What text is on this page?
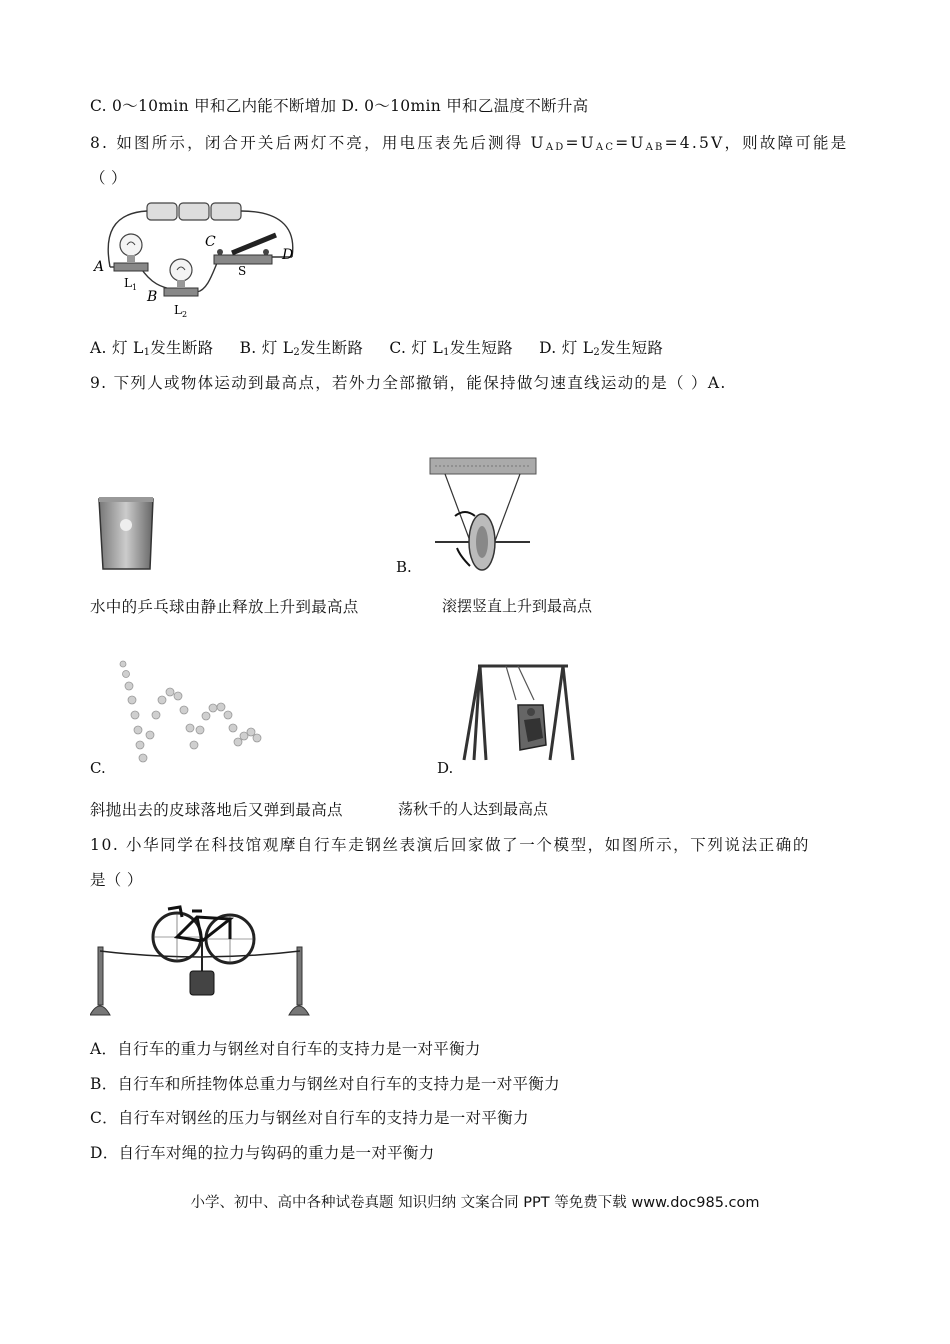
C. 0～10min 甲和乙内能不断增加 D. 0～10min 甲和乙温度不断升高
8. 如图所示，闭合开关后两灯不亮，用电压表先后测得 $U_{AD}=U_{AC}=U_{AB}=4.5V$，则故障可能是
（ ）
A
B
C
D
S
$L_1$
$L_2$
A. 灯 $L_1$发生断路 B. 灯 $L_2$发生断路 C. 灯 $L_1$发生短路 D. 灯 $L_2$发生短路
9. 下列人或物体运动到最高点，若外力全部撤销，能保持做匀速直线运动的是（ ）A.
B.
水中的乒乓球由静止释放上升到最高点	滚摆竖直上升到最高点
C.	D.
斜抛出去的皮球落地后又弹到最高点	荡秋千的人达到最高点
10. 小华同学在科技馆观摩自行车走钢丝表演后回家做了一个模型，如图所示，下列说法正确的
是（ ）
A．自行车的重力与钢丝对自行车的支持力是一对平衡力
B．自行车和所挂物体总重力与钢丝对自行车的支持力是一对平衡力
C．自行车对钢丝的压力与钢丝对自行车的支持力是一对平衡力
D．自行车对绳的拉力与钩码的重力是一对平衡力
小学、初中、高中各种试卷真题 知识归纳 文案合同 PPT 等免费下载 www.doc985.com
